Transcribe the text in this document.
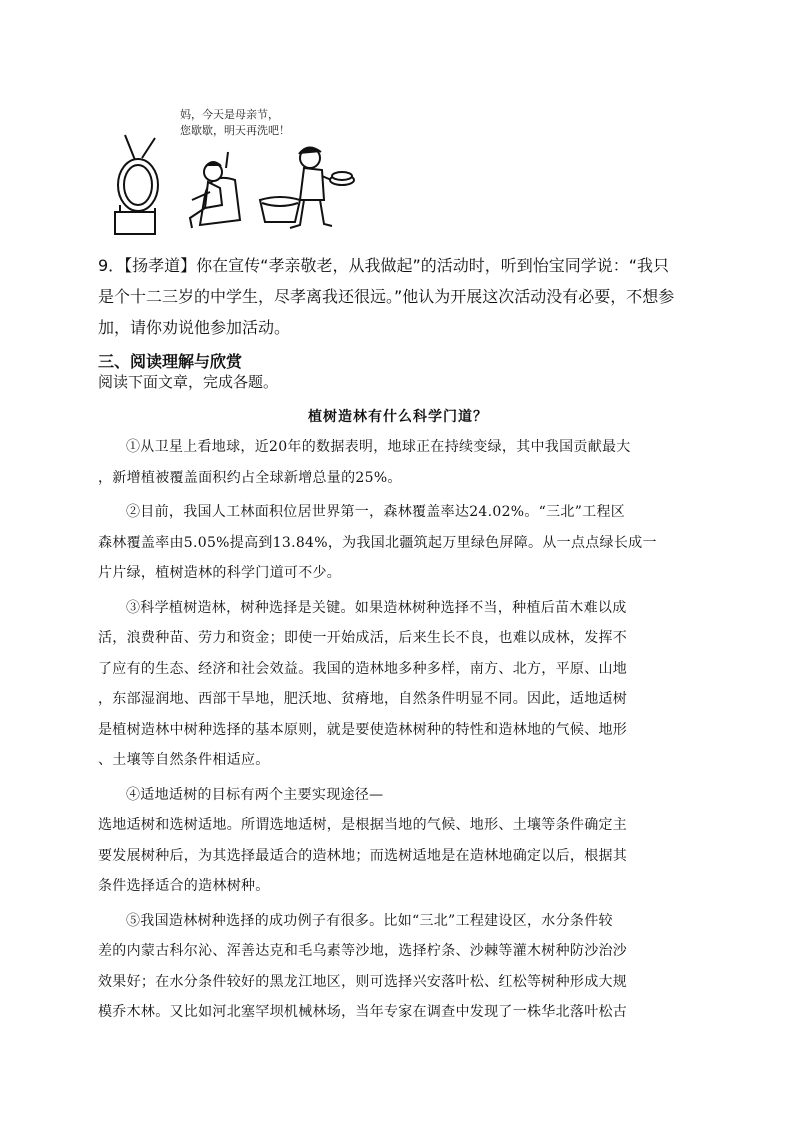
妈，今天是母亲节，
您歇歇，明天再洗吧！

9．【扬孝道】你在宣传“孝亲敬老，从我做起”的活动时，听到怡宝同学说：“我只

是个十二三岁的中学生，尽孝离我还很远。”他认为开展这次活动没有必要，不想参

加，请你劝说他参加活动。

三、阅读理解与欣赏
阅读下面文章，完成各题。
植树造林有什么科学门道？

①从卫星上看地球，近20年的数据表明，地球正在持续变绿，其中我国贡献最大

，新增植被覆盖面积约占全球新增总量的25%。

②目前，我国人工林面积位居世界第一，森林覆盖率达24.02%。“三北”工程区

森林覆盖率由5.05%提高到13.84%，为我国北疆筑起万里绿色屏障。从一点点绿长成一

片片绿，植树造林的科学门道可不少。

③科学植树造林，树种选择是关键。如果造林树种选择不当，种植后苗木难以成

活，浪费种苗、劳力和资金；即使一开始成活，后来生长不良，也难以成林，发挥不

了应有的生态、经济和社会效益。我国的造林地多种多样，南方、北方，平原、山地

，东部湿润地、西部干旱地，肥沃地、贫瘠地，自然条件明显不同。因此，适地适树

是植树造林中树种选择的基本原则，就是要使造林树种的特性和造林地的气候、地形

、土壤等自然条件相适应。

④适地适树的目标有两个主要实现途径—

选地适树和选树适地。所谓选地适树，是根据当地的气候、地形、土壤等条件确定主

要发展树种后，为其选择最适合的造林地；而选树适地是在造林地确定以后，根据其

条件选择适合的造林树种。

⑤我国造林树种选择的成功例子有很多。比如“三北”工程建设区，水分条件较

差的内蒙古科尔沁、浑善达克和毛乌素等沙地，选择柠条、沙棘等灌木树种防沙治沙

效果好；在水分条件较好的黑龙江地区，则可选择兴安落叶松、红松等树种形成大规

模乔木林。又比如河北塞罕坝机械林场，当年专家在调查中发现了一株华北落叶松古
